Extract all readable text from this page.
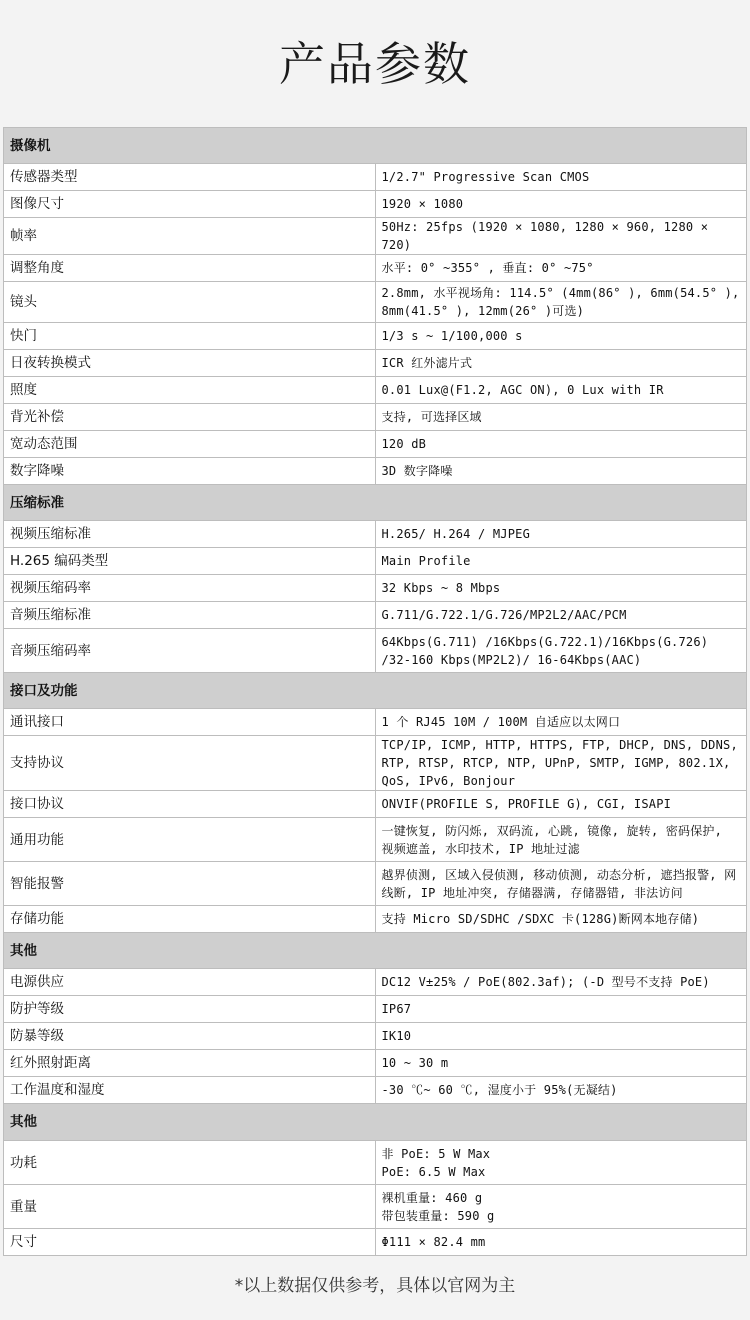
产品参数
摄像机	
传感器类型	1/2.7" Progressive Scan CMOS
图像尺寸	1920 × 1080
帧率	50Hz: 25fps (1920 × 1080, 1280 × 960, 1280 × 720)
调整角度	水平: 0° ~355° , 垂直: 0° ~75°
镜头	2.8mm, 水平视场角: 114.5° (4mm(86° ), 6mm(54.5° ), 8mm(41.5° ), 12mm(26° )可选)
快门	1/3 s ~ 1/100,000 s
日夜转换模式	ICR 红外滤片式
照度	0.01 Lux@(F1.2, AGC ON), 0 Lux with IR
背光补偿	支持, 可选择区域
宽动态范围	120 dB
数字降噪	3D 数字降噪
压缩标准	
视频压缩标准	H.265/ H.264 / MJPEG
H.265 编码类型	Main Profile
视频压缩码率	32 Kbps ~ 8 Mbps
音频压缩标准	G.711/G.722.1/G.726/MP2L2/AAC/PCM
音频压缩码率	64Kbps(G.711) /16Kbps(G.722.1)/16Kbps(G.726) /32-160 Kbps(MP2L2)/ 16-64Kbps(AAC)
接口及功能	
通讯接口	1 个 RJ45 10M / 100M 自适应以太网口
支持协议	TCP/IP, ICMP, HTTP, HTTPS, FTP, DHCP, DNS, DDNS, RTP, RTSP, RTCP, NTP, UPnP, SMTP, IGMP, 802.1X, QoS, IPv6, Bonjour
接口协议	ONVIF(PROFILE S, PROFILE G), CGI, ISAPI
通用功能	一键恢复, 防闪烁, 双码流, 心跳, 镜像, 旋转, 密码保护, 视频遮盖, 水印技术, IP 地址过滤
智能报警	越界侦测, 区域入侵侦测, 移动侦测, 动态分析, 遮挡报警, 网线断, IP 地址冲突, 存储器满, 存储器错, 非法访问
存储功能	支持 Micro SD/SDHC /SDXC 卡(128G)断网本地存储)
其他	
电源供应	DC12 V±25% / PoE(802.3af); (-D 型号不支持 PoE)
防护等级	IP67
防暴等级	IK10
红外照射距离	10 ~ 30 m
工作温度和湿度	-30 ℃~ 60 ℃, 湿度小于 95%(无凝结)
其他	
功耗	非 PoE: 5 W Max
PoE: 6.5 W Max
重量	裸机重量: 460 g
带包装重量: 590 g
尺寸	Φ111 × 82.4 mm
*以上数据仅供参考，具体以官网为主
